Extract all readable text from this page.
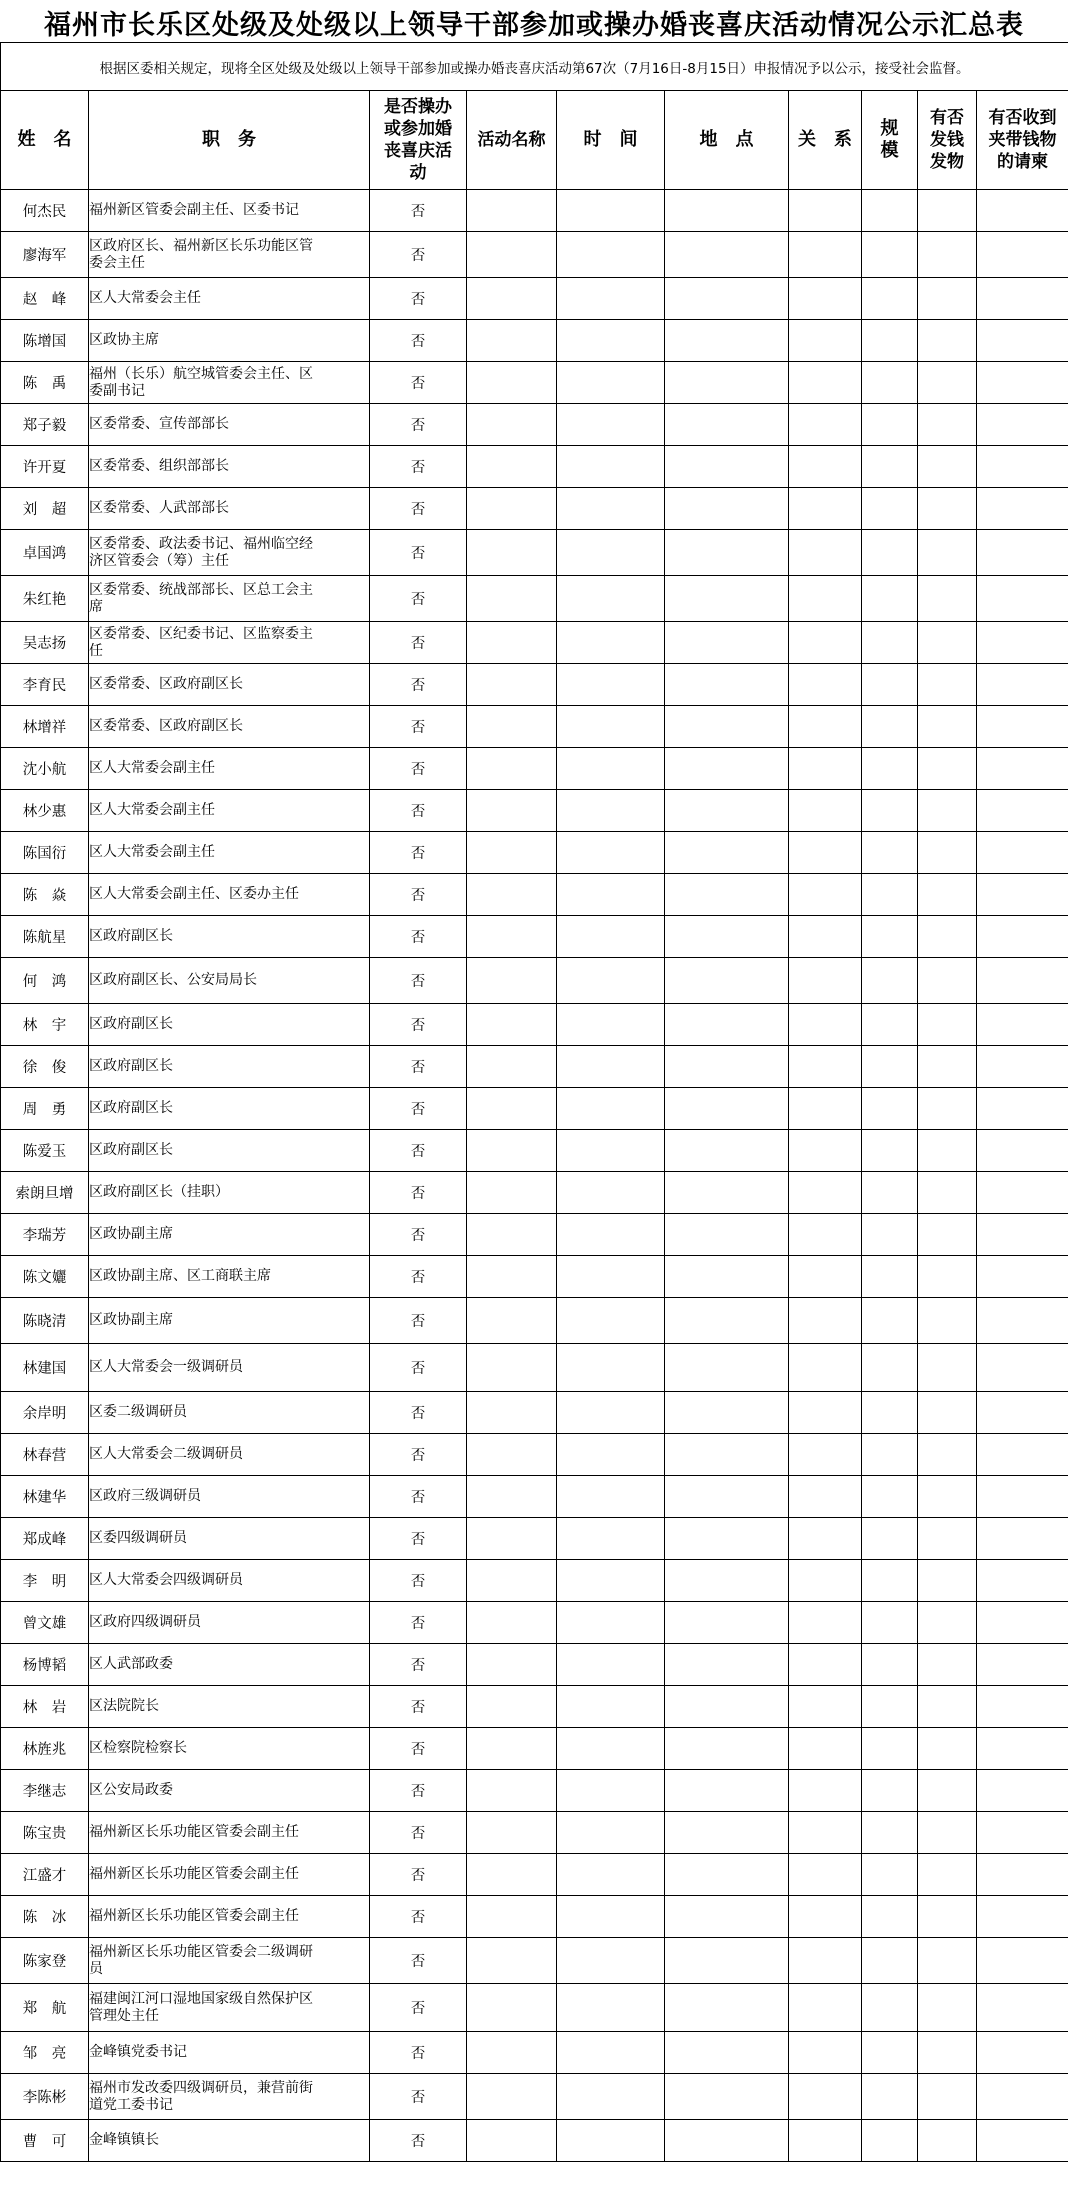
福州市长乐区处级及处级以上领导干部参加或操办婚丧喜庆活动情况公示汇总表
根据区委相关规定，现将全区处级及处级以上领导干部参加或操办婚丧喜庆活动第67次（7月16日-8月15日）申报情况予以公示，接受社会监督。									
姓　名	职　务	是否操办或参加婚丧喜庆活动	活动名称	时　间	地　点	关　系	规模	有否发钱发物	有否收到夹带钱物的请柬

何杰民	福州新区管委会副主任、区委书记	否							
廖海军	区政府区长、福州新区长乐功能区管委会主任	否							
赵　峰	区人大常委会主任	否							
陈增国	区政协主席	否							
陈　禹	福州（长乐）航空城管委会主任、区委副书记	否							
郑子毅	区委常委、宣传部部长	否							
许开夏	区委常委、组织部部长	否							
刘　超	区委常委、人武部部长	否							
卓国鸿	区委常委、政法委书记、福州临空经济区管委会（筹）主任	否							
朱红艳	区委常委、统战部部长、区总工会主席	否							
吴志扬	区委常委、区纪委书记、区监察委主任	否							
李育民	区委常委、区政府副区长	否							
林增祥	区委常委、区政府副区长	否							
沈小航	区人大常委会副主任	否							
林少惠	区人大常委会副主任	否							
陈国衍	区人大常委会副主任	否							
陈　焱	区人大常委会副主任、区委办主任	否							
陈航星	区政府副区长	否							
何　鸿	区政府副区长、公安局局长	否							
林　宇	区政府副区长	否							
徐　俊	区政府副区长	否							
周　勇	区政府副区长	否							
陈爱玉	区政府副区长	否							
索朗旦增	区政府副区长（挂职）	否							
李瑞芳	区政协副主席	否							
陈文孋	区政协副主席、区工商联主席	否							
陈晓清	区政协副主席	否							
林建国	区人大常委会一级调研员	否							
余岸明	区委二级调研员	否							
林春营	区人大常委会二级调研员	否							
林建华	区政府三级调研员	否							
郑成峰	区委四级调研员	否							
李　明	区人大常委会四级调研员	否							
曾文雄	区政府四级调研员	否							
杨博韬	区人武部政委	否							
林　岩	区法院院长	否							
林旌兆	区检察院检察长	否							
李继志	区公安局政委	否							
陈宝贵	福州新区长乐功能区管委会副主任	否							
江盛才	福州新区长乐功能区管委会副主任	否							
陈　冰	福州新区长乐功能区管委会副主任	否							
陈家登	福州新区长乐功能区管委会二级调研员	否							
郑　航	福建闽江河口湿地国家级自然保护区管理处主任	否							
邹　亮	金峰镇党委书记	否							
李陈彬	福州市发改委四级调研员，兼营前街道党工委书记	否							
曹　可	金峰镇镇长	否							
